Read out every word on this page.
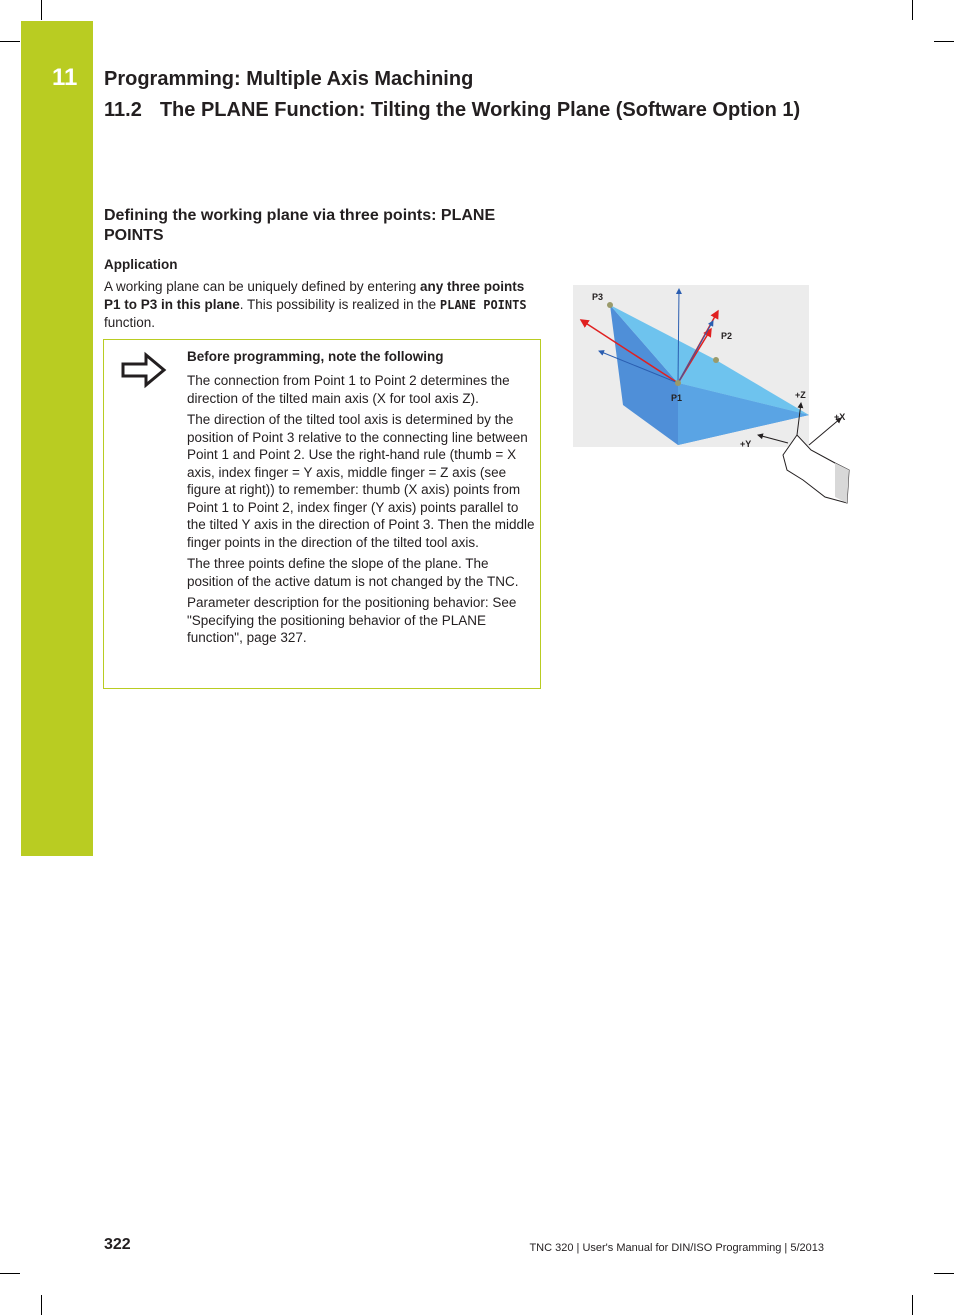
11 Programming: Multiple Axis Machining
11.2 The PLANE Function: Tilting the Working Plane (Software Option 1)
Defining the working plane via three points: PLANE POINTS
Application

A working plane can be uniquely defined by entering any three points P1 to P3 in this plane. This possibility is realized in the PLANE POINTS function.

Before programming, note the following

The connection from Point 1 to Point 2 determines the direction of the tilted main axis (X for tool axis Z).

The direction of the tilted tool axis is determined by the position of Point 3 relative to the connecting line between Point 1 and Point 2. Use the right-hand rule (thumb = X axis, index finger = Y axis, middle finger = Z axis (see figure at right)) to remember: thumb (X axis) points from Point 1 to Point 2, index finger (Y axis) points parallel to the tilted Y axis in the direction of Point 3. Then the middle finger points in the direction of the tilted tool axis.

The three points define the slope of the plane. The position of the active datum is not changed by the TNC.

Parameter description for the positioning behavior: See "Specifying the positioning behavior of the PLANE function", page 327.

P3
P2
P1	+Z
+X
+Y
322	TNC 320 | User's Manual for DIN/ISO Programming | 5/2013
